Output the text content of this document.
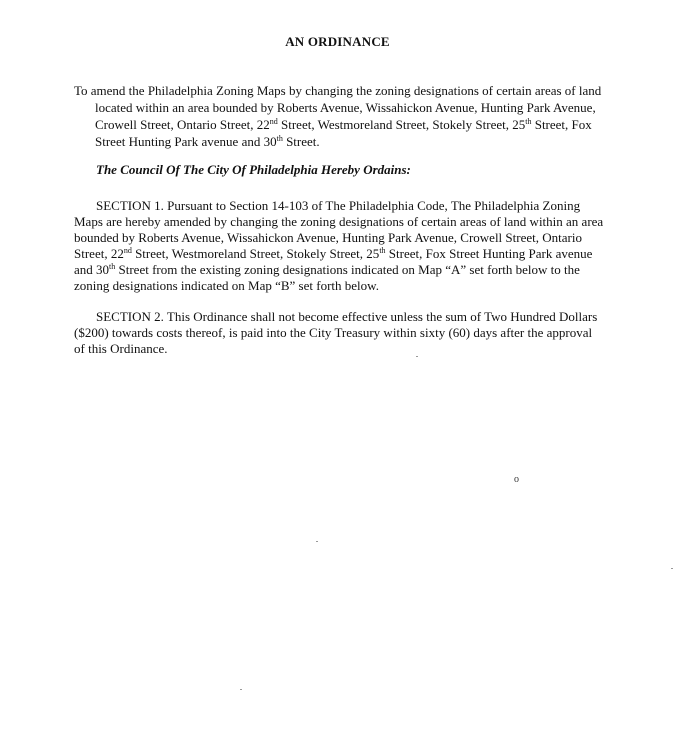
AN ORDINANCE
To amend the Philadelphia Zoning Maps by changing the zoning designations of certain areas of land located within an area bounded by Roberts Avenue, Wissahickon Avenue, Hunting Park Avenue, Crowell Street, Ontario Street, 22nd Street, Westmoreland Street, Stokely Street, 25th Street, Fox Street Hunting Park avenue and 30th Street.
The Council Of The City Of Philadelphia Hereby Ordains:
SECTION 1. Pursuant to Section 14-103 of The Philadelphia Code, The Philadelphia Zoning Maps are hereby amended by changing the zoning designations of certain areas of land within an area bounded by Roberts Avenue, Wissahickon Avenue, Hunting Park Avenue, Crowell Street, Ontario Street, 22nd Street, Westmoreland Street, Stokely Street, 25th Street, Fox Street Hunting Park avenue and 30th Street from the existing zoning designations indicated on Map “A” set forth below to the zoning designations indicated on Map “B” set forth below.
SECTION 2. This Ordinance shall not become effective unless the sum of Two Hundred Dollars ($200) towards costs thereof, is paid into the City Treasury within sixty (60) days after the approval of this Ordinance.
o
